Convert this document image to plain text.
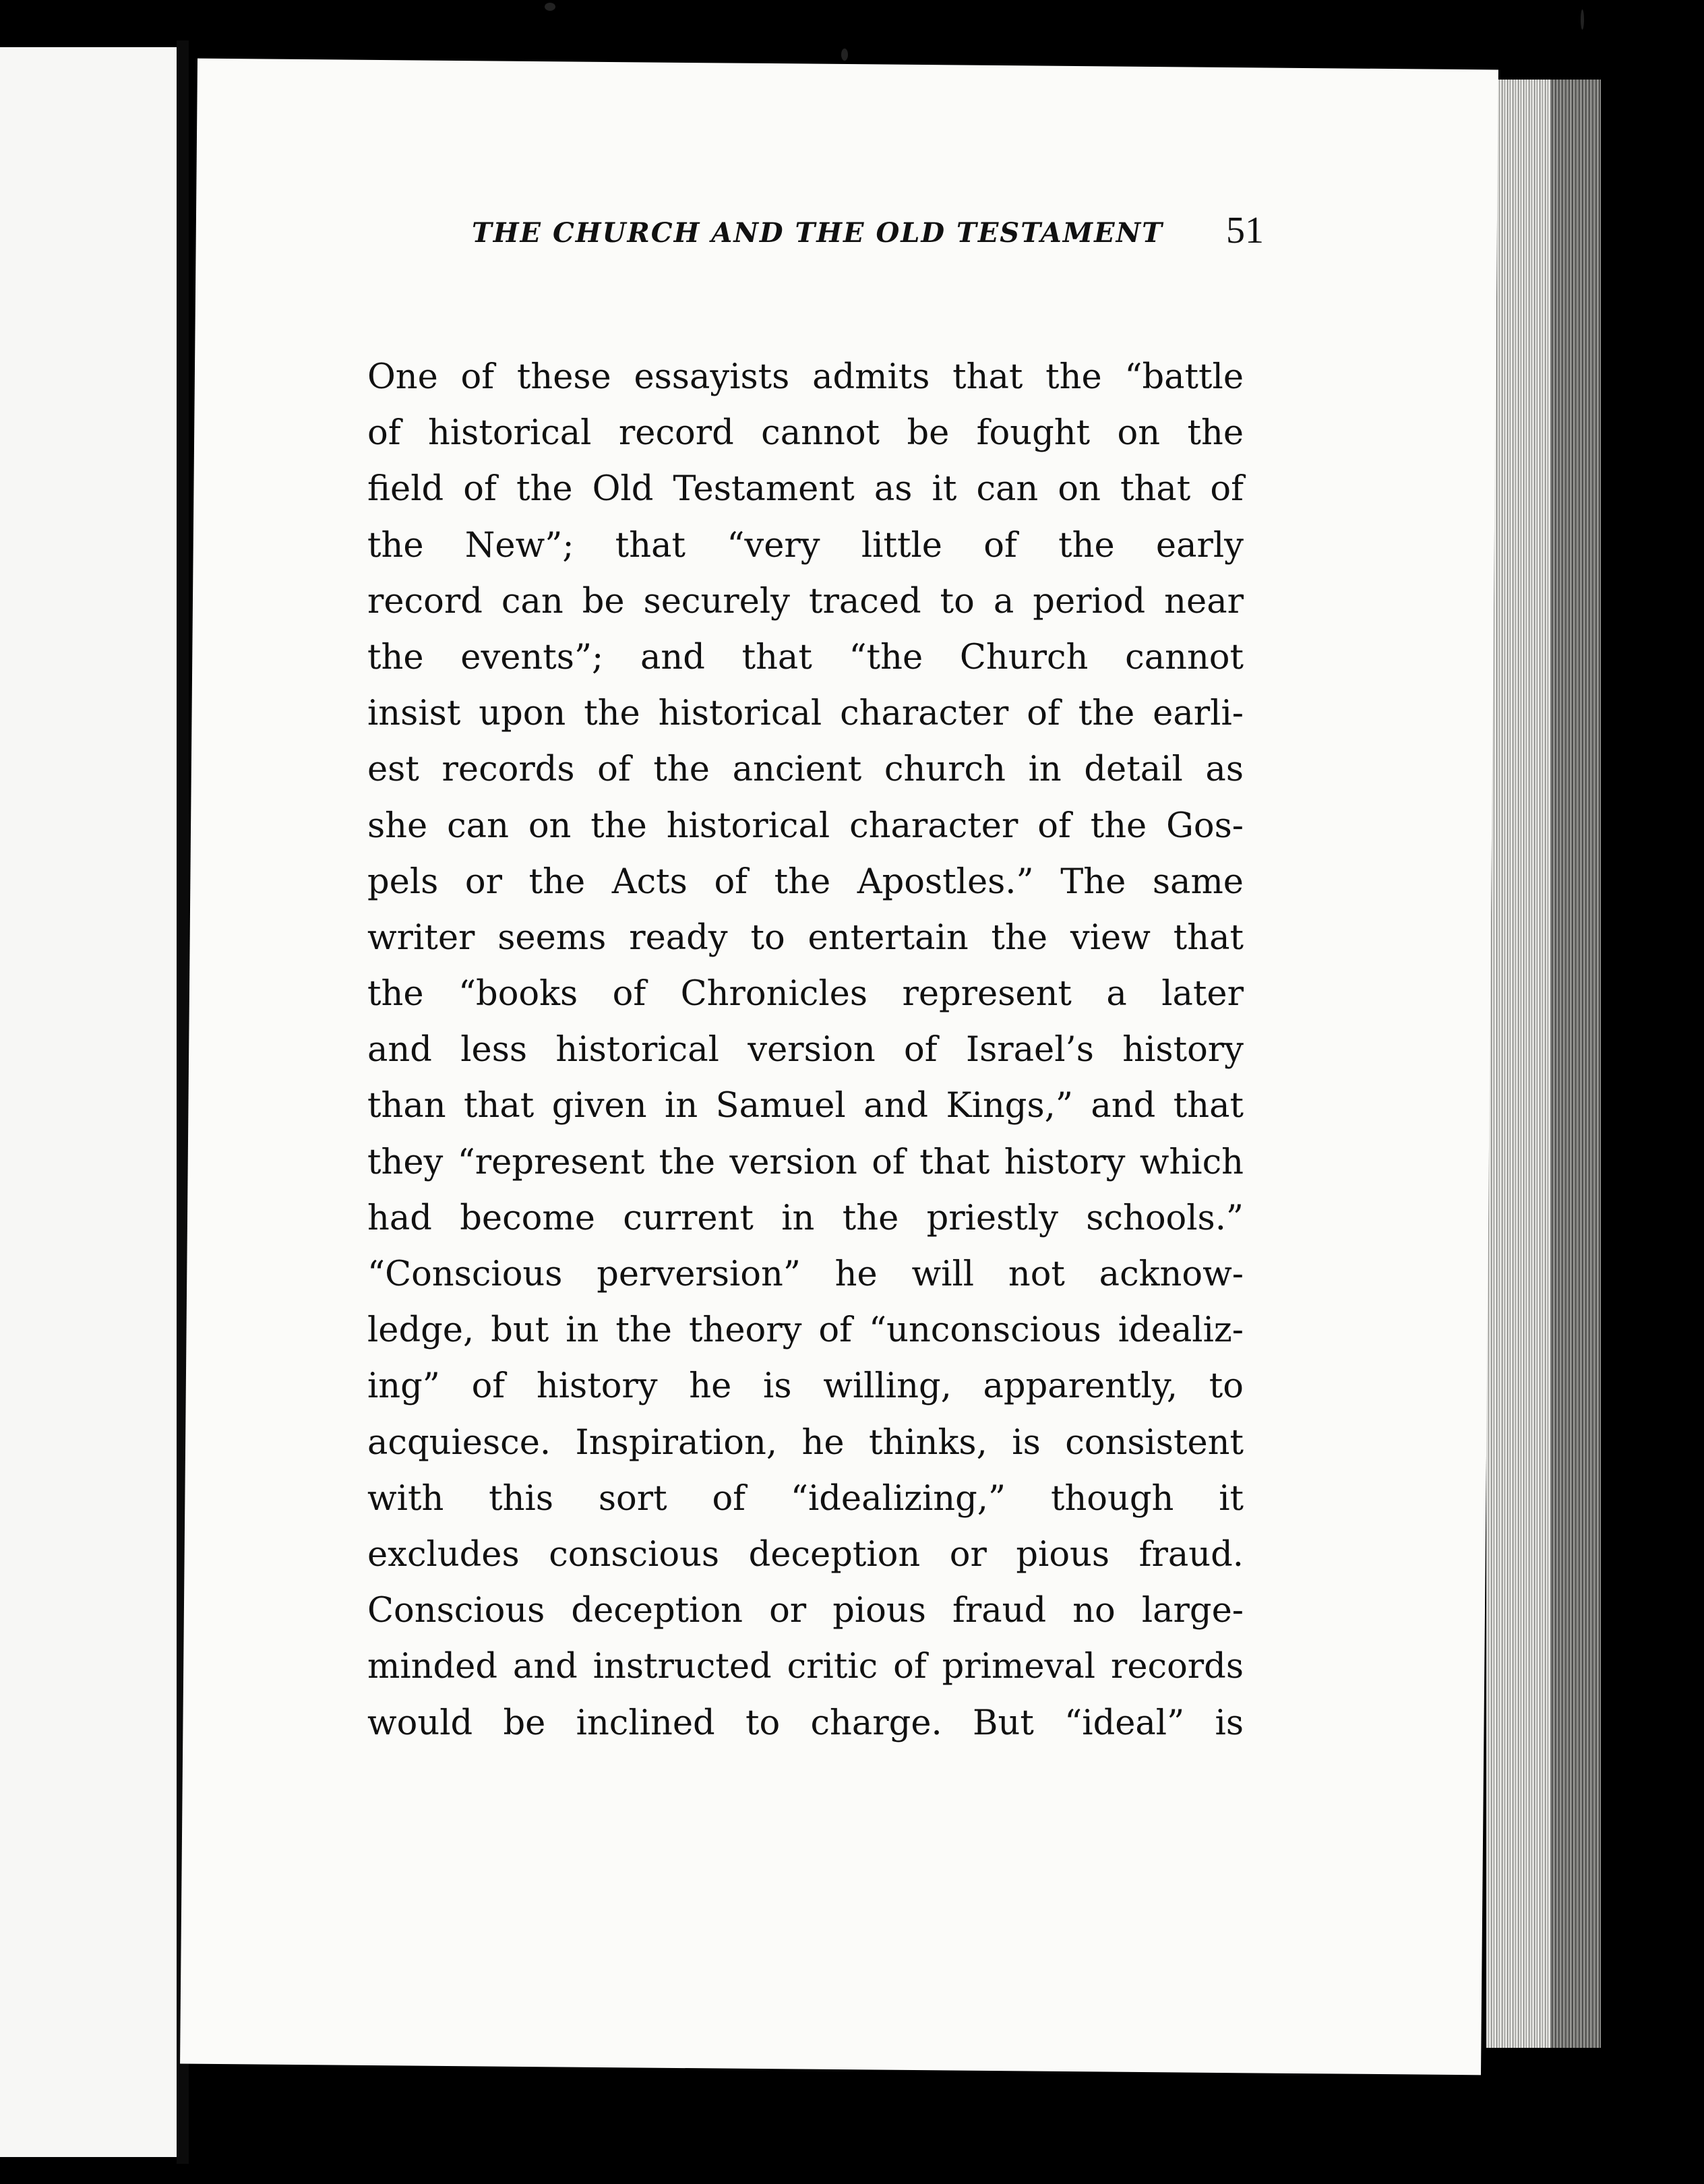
THE CHURCH AND THE OLD TESTAMENT 51
One of these essayists admits that the “battle
of historical record cannot be fought on the
field of the Old Testament as it can on that of
the New”; that “very little of the early
record can be securely traced to a period near
the events”; and that “the Church cannot
insist upon the historical character of the earli-
est records of the ancient church in detail as
she can on the historical character of the Gos-
pels or the Acts of the Apostles.” The same
writer seems ready to entertain the view that
the “books of Chronicles represent a later
and less historical version of Israel’s history
than that given in Samuel and Kings,” and that
they “represent the version of that history which
had become current in the priestly schools.”
“Conscious perversion” he will not acknow-
ledge, but in the theory of “unconscious idealiz-
ing” of history he is willing, apparently, to
acquiesce. Inspiration, he thinks, is consistent
with this sort of “idealizing,” though it
excludes conscious deception or pious fraud.
Conscious deception or pious fraud no large-
minded and instructed critic of primeval records
would be inclined to charge. But “ideal” is
